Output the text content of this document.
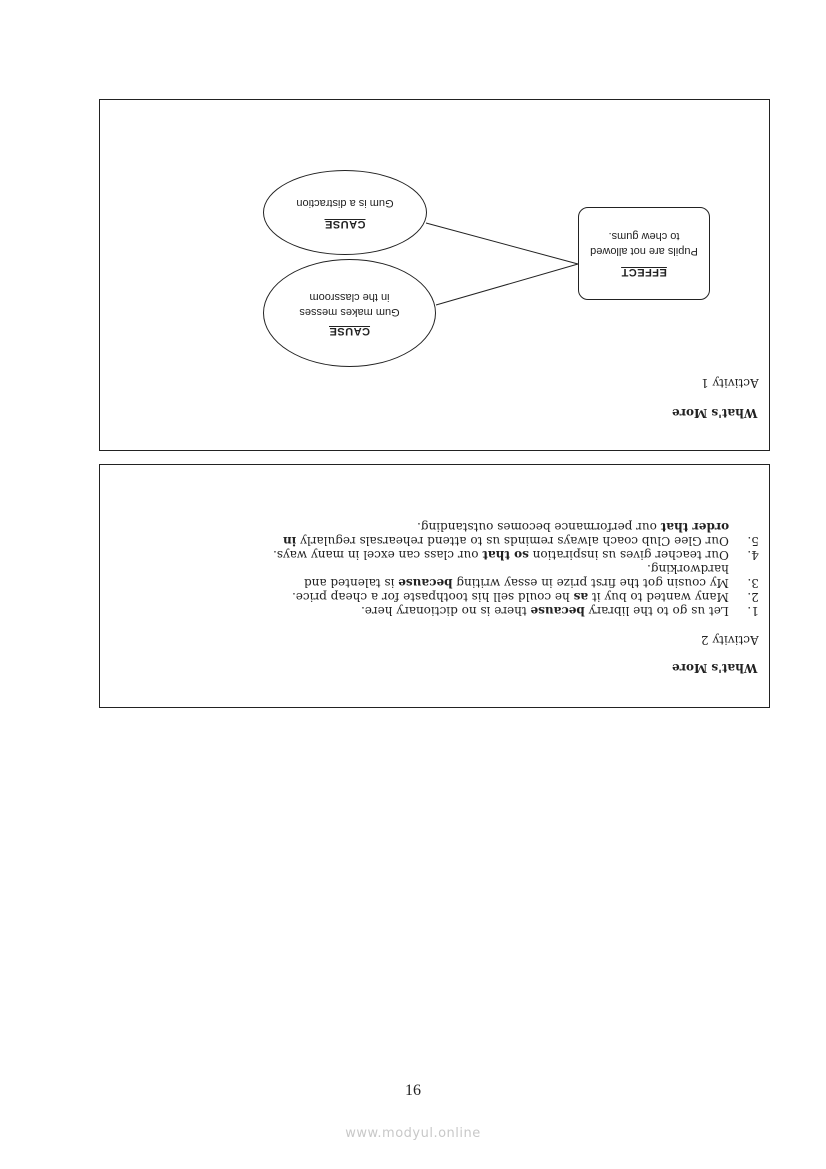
What's More
Activity 1
CAUSE
Gum makes messes
in the classroom
CAUSE
Gum is a distraction
EFFECT
Pupils are not allowed
to chew gums.
What's More
Activity 2
1.Let us go to the library because there is no dictionary here.
2.Many wanted to buy it as he could sell his toothpaste for a cheap price.
3.My cousin got the first prize in essay writing because is talented and
hardworking.
4.Our teacher gives us inspiration so that our class can excel in many ways.
5.Our Glee Club coach always reminds us to attend rehearsals regularly in
order that our performance becomes outstanding.
16
www.modyul.online
